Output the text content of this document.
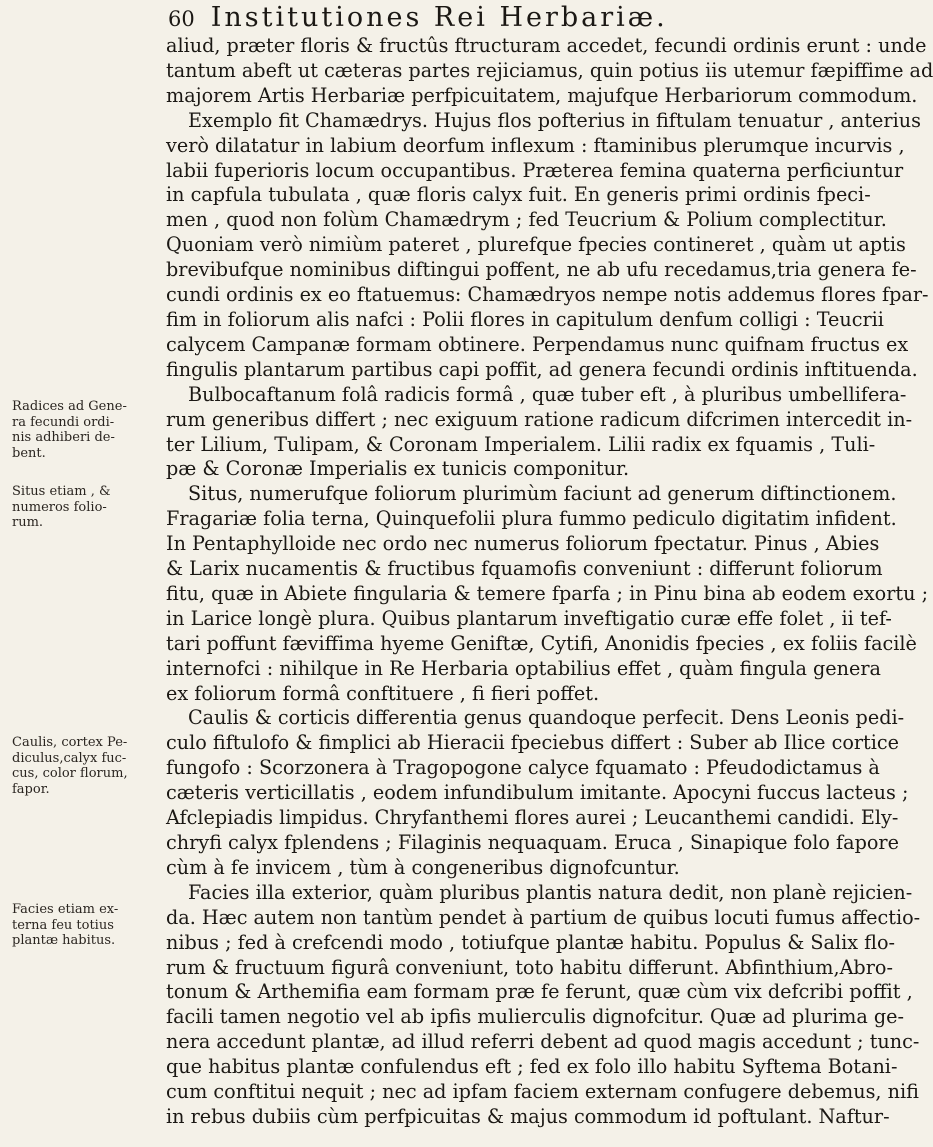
60 Institutiones Rei Herbariæ.
Radices ad Gene-
ra fecundi ordi-
nis adhiberi de-
bent.
Situs etiam , &
numeros folio-
rum.
Caulis, cortex Pe-
diculus,calyx fuc-
cus, color florum,
fapor.
Facies etiam ex-
terna feu totius
plantæ habitus.
aliud, præter floris & fructûs ftructuram accedet, fecundi ordinis erunt : unde
tantum abeft ut cæteras partes rejiciamus, quin potius iis utemur fæpiffime ad
majorem Artis Herbariæ perfpicuitatem, majufque Herbariorum commodum.
Exemplo fit Chamædrys. Hujus flos pofterius in fiftulam tenuatur , anterius
verò dilatatur in labium deorfum inflexum : ftaminibus plerumque incurvis ,
labii fuperioris locum occupantibus. Præterea femina quaterna perficiuntur
in capfula tubulata , quæ floris calyx fuit. En generis primi ordinis fpeci-
men , quod non folùm Chamædrym ; fed Teucrium & Polium complectitur.
Quoniam verò nimiùm pateret , plurefque fpecies contineret , quàm ut aptis
brevibufque nominibus diftingui poffent, ne ab ufu recedamus,tria genera fe-
cundi ordinis ex eo ftatuemus: Chamædryos nempe notis addemus flores fpar-
fim in foliorum alis nafci : Polii flores in capitulum denfum colligi : Teucrii
calycem Campanæ formam obtinere. Perpendamus nunc quifnam fructus ex
fingulis plantarum partibus capi poffit, ad genera fecundi ordinis inftituenda.
Bulbocaftanum folâ radicis formâ , quæ tuber eft , à pluribus umbellifera-
rum generibus differt ; nec exiguum ratione radicum difcrimen intercedit in-
ter Lilium, Tulipam, & Coronam Imperialem. Lilii radix ex fquamis , Tuli-
pæ & Coronæ Imperialis ex tunicis componitur.
Situs, numerufque foliorum plurimùm faciunt ad generum diftinctionem.
Fragariæ folia terna, Quinquefolii plura fummo pediculo digitatim infident.
In Pentaphylloide nec ordo nec numerus foliorum fpectatur. Pinus , Abies
& Larix nucamentis & fructibus fquamofis conveniunt : differunt foliorum
fitu, quæ in Abiete fingularia & temere fparfa ; in Pinu bina ab eodem exortu ;
in Larice longè plura. Quibus plantarum inveftigatio curæ effe folet , ii tef-
tari poffunt fæviffima hyeme Geniftæ, Cytifi, Anonidis fpecies , ex foliis facilè
internofci : nihilque in Re Herbaria optabilius effet , quàm fingula genera
ex foliorum formâ conftituere , fi fieri poffet.
Caulis & corticis differentia genus quandoque perfecit. Dens Leonis pedi-
culo fiftulofo & fimplici ab Hieracii fpeciebus differt : Suber ab Ilice cortice
fungofo : Scorzonera à Tragopogone calyce fquamato : Pfeudodictamus à
cæteris verticillatis , eodem infundibulum imitante. Apocyni fuccus lacteus ;
Afclepiadis limpidus. Chryfanthemi flores aurei ; Leucanthemi candidi. Ely-
chryfi calyx fplendens ; Filaginis nequaquam. Eruca , Sinapique folo fapore
cùm à fe invicem , tùm à congeneribus dignofcuntur.
Facies illa exterior, quàm pluribus plantis natura dedit, non planè rejicien-
da. Hæc autem non tantùm pendet à partium de quibus locuti fumus affectio-
nibus ; fed à crefcendi modo , totiufque plantæ habitu. Populus & Salix flo-
rum & fructuum figurâ conveniunt, toto habitu differunt. Abfinthium,Abro-
tonum & Arthemifia eam formam præ fe ferunt, quæ cùm vix defcribi poffit ,
facili tamen negotio vel ab ipfis mulierculis dignofcitur. Quæ ad plurima ge-
nera accedunt plantæ, ad illud referri debent ad quod magis accedunt ; tunc-
que habitus plantæ confulendus eft ; fed ex folo illo habitu Syftema Botani-
cum conftitui nequit ; nec ad ipfam faciem externam confugere debemus, nifi
in rebus dubiis cùm perfpicuitas & majus commodum id poftulant. Naftur-
